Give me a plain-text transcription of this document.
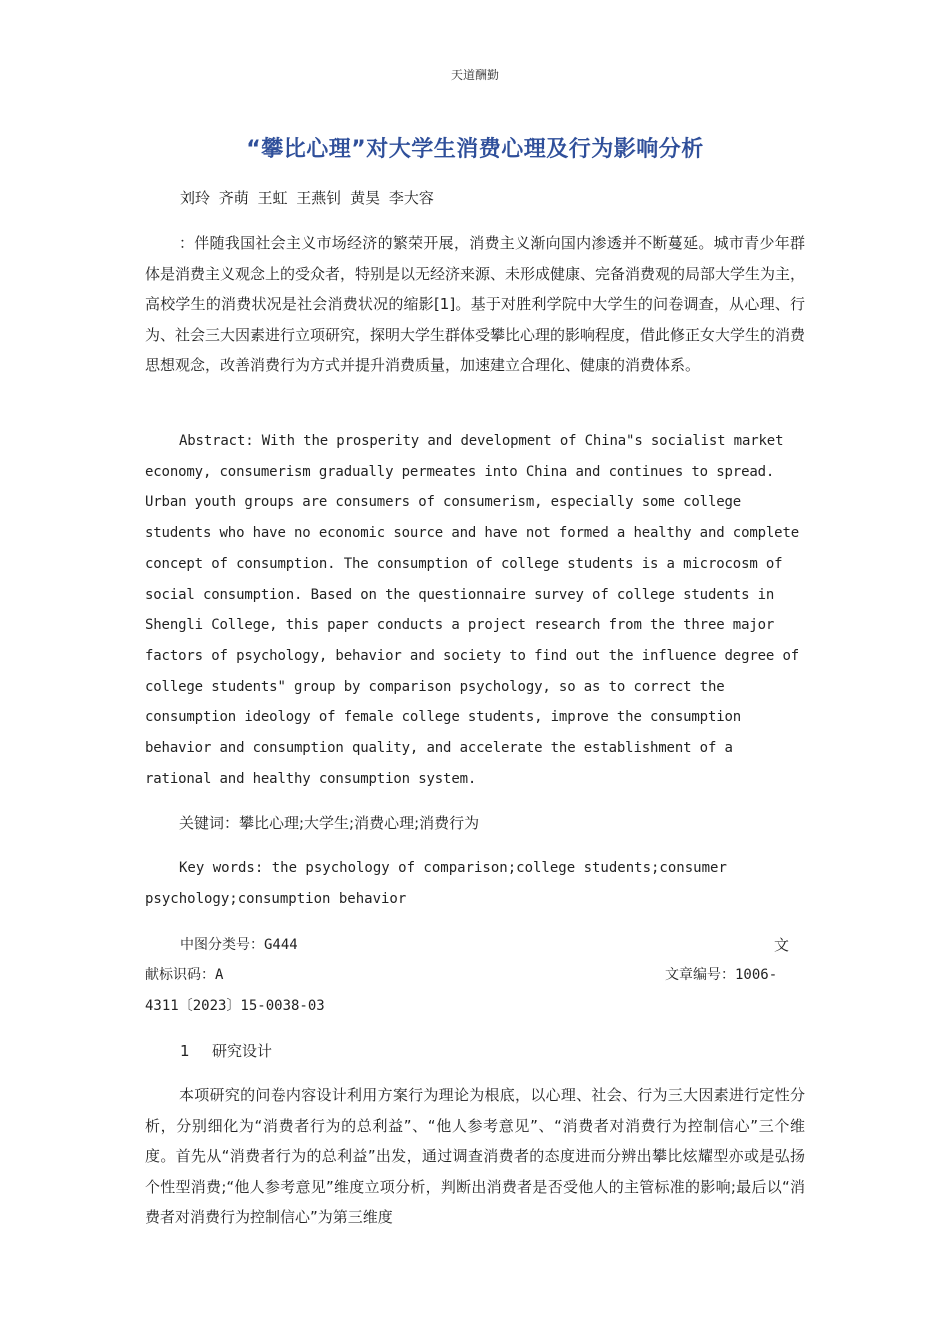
天道酬勤
“攀比心理”对大学生消费心理及行为影响分析
刘玲 齐萌 王虹 王燕钊 黄昊 李大容

：伴随我国社会主义市场经济的繁荣开展，消费主义渐向国内渗透并不断蔓延。城市青少年群体是消费主义观念上的受众者，特别是以无经济来源、未形成健康、完备消费观的局部大学生为主，高校学生的消费状况是社会消费状况的缩影[1]。基于对胜利学院中大学生的问卷调查，从心理、行为、社会三大因素进行立项研究，探明大学生群体受攀比心理的影响程度，借此修正女大学生的消费思想观念，改善消费行为方式并提升消费质量，加速建立合理化、健康的消费体系。

Abstract: With the prosperity and development of China"s socialist market economy, consumerism gradually permeates into China and continues to spread. Urban youth groups are consumers of consumerism, especially some college students who have no economic source and have not formed a healthy and complete concept of consumption. The consumption of college students is a microcosm of social consumption. Based on the questionnaire survey of college students in Shengli College, this paper conducts a project research from the three major factors of psychology, behavior and society to find out the influence degree of college students" group by comparison psychology, so as to correct the consumption ideology of female college students, improve the consumption behavior and consumption quality, and accelerate the establishment of a rational and healthy consumption system.

关键词：攀比心理;大学生;消费心理;消费行为

Key words: the psychology of comparison;college students;consumer psychology;consumption behavior

中图分类号：G444	文
献标识码：A	文章编号：1006-
4311〔2023〕15-0038-03
1 研究设计

本项研究的问卷内容设计利用方案行为理论为根底，以心理、社会、行为三大因素进行定性分析，分别细化为“消费者行为的总利益”、“他人参考意见”、“消费者对消费行为控制信心”三个维度。首先从“消费者行为的总利益”出发，通过调查消费者的态度进而分辨出攀比炫耀型亦或是弘扬个性型消费;“他人参考意见”维度立项分析，判断出消费者是否受他人的主管标准的影响;最后以“消费者对消费行为控制信心”为第三维度
